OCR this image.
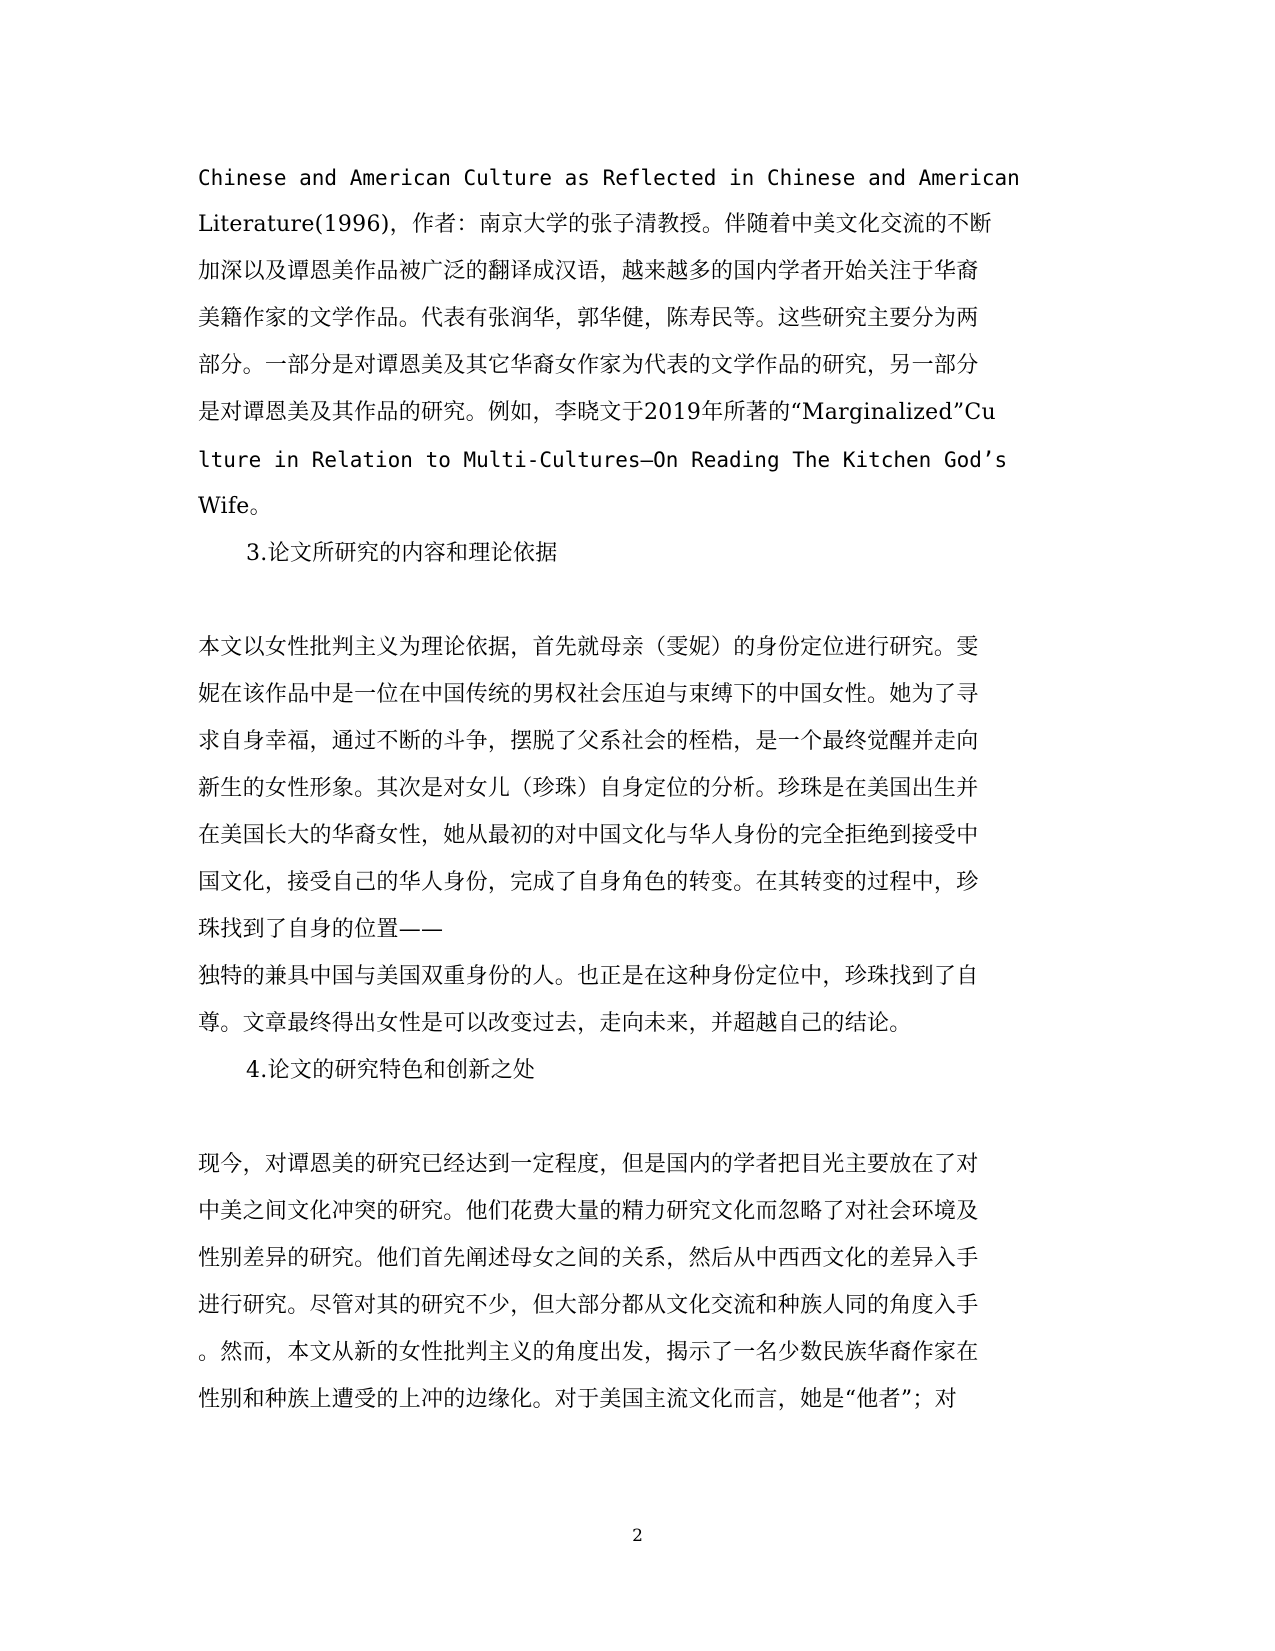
Chinese and American Culture as Reflected in Chinese and American
Literature(1996)，作者：南京大学的张子清教授。伴随着中美文化交流的不断
加深以及谭恩美作品被广泛的翻译成汉语，越来越多的国内学者开始关注于华裔
美籍作家的文学作品。代表有张润华，郭华健，陈寿民等。这些研究主要分为两
部分。一部分是对谭恩美及其它华裔女作家为代表的文学作品的研究，另一部分
是对谭恩美及其作品的研究。例如，李晓文于2019年所著的“Marginalized”Cu
lture in Relation to Multi-Cultures—On Reading The Kitchen God’s
Wife。
3.论文所研究的内容和理论依据
本文以女性批判主义为理论依据，首先就母亲（雯妮）的身份定位进行研究。雯
妮在该作品中是一位在中国传统的男权社会压迫与束缚下的中国女性。她为了寻
求自身幸福，通过不断的斗争，摆脱了父系社会的桎梏，是一个最终觉醒并走向
新生的女性形象。其次是对女儿（珍珠）自身定位的分析。珍珠是在美国出生并
在美国长大的华裔女性，她从最初的对中国文化与华人身份的完全拒绝到接受中
国文化，接受自己的华人身份，完成了自身角色的转变。在其转变的过程中，珍
珠找到了自身的位置——
独特的兼具中国与美国双重身份的人。也正是在这种身份定位中，珍珠找到了自
尊。文章最终得出女性是可以改变过去，走向未来，并超越自己的结论。
4.论文的研究特色和创新之处
现今，对谭恩美的研究已经达到一定程度，但是国内的学者把目光主要放在了对
中美之间文化冲突的研究。他们花费大量的精力研究文化而忽略了对社会环境及
性别差异的研究。他们首先阐述母女之间的关系，然后从中西西文化的差异入手
进行研究。尽管对其的研究不少，但大部分都从文化交流和种族人同的角度入手
。然而，本文从新的女性批判主义的角度出发，揭示了一名少数民族华裔作家在
性别和种族上遭受的上冲的边缘化。对于美国主流文化而言，她是“他者”；对
2
